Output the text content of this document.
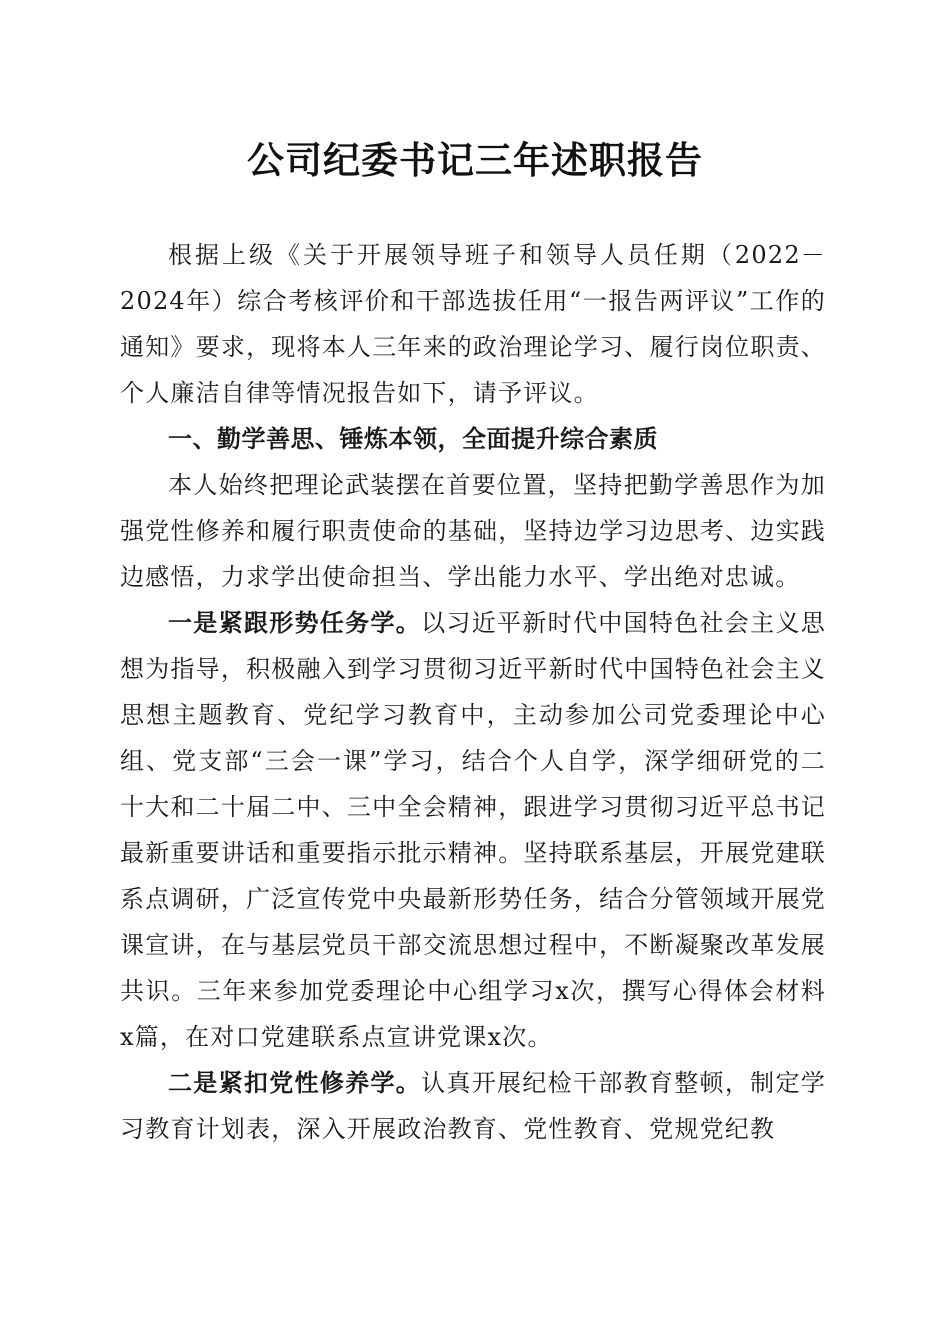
公司纪委书记三年述职报告

根据上级《关于开展领导班子和领导人员任期（2022－2024年）综合考核评价和干部选拔任用“一报告两评议”工作的通知》要求，现将本人三年来的政治理论学习、履行岗位职责、个人廉洁自律等情况报告如下，请予评议。

一、勤学善思、锤炼本领，全面提升综合素质

本人始终把理论武装摆在首要位置，坚持把勤学善思作为加强党性修养和履行职责使命的基础，坚持边学习边思考、边实践边感悟，力求学出使命担当、学出能力水平、学出绝对忠诚。

一是紧跟形势任务学。以习近平新时代中国特色社会主义思想为指导，积极融入到学习贯彻习近平新时代中国特色社会主义思想主题教育、党纪学习教育中，主动参加公司党委理论中心组、党支部“三会一课”学习，结合个人自学，深学细研党的二十大和二十届二中、三中全会精神，跟进学习贯彻习近平总书记最新重要讲话和重要指示批示精神。坚持联系基层，开展党建联系点调研，广泛宣传党中央最新形势任务，结合分管领域开展党课宣讲，在与基层党员干部交流思想过程中，不断凝聚改革发展共识。三年来参加党委理论中心组学习x次，撰写心得体会材料x篇，在对口党建联系点宣讲党课x次。

二是紧扣党性修养学。认真开展纪检干部教育整顿，制定学习教育计划表，深入开展政治教育、党性教育、党规党纪教
